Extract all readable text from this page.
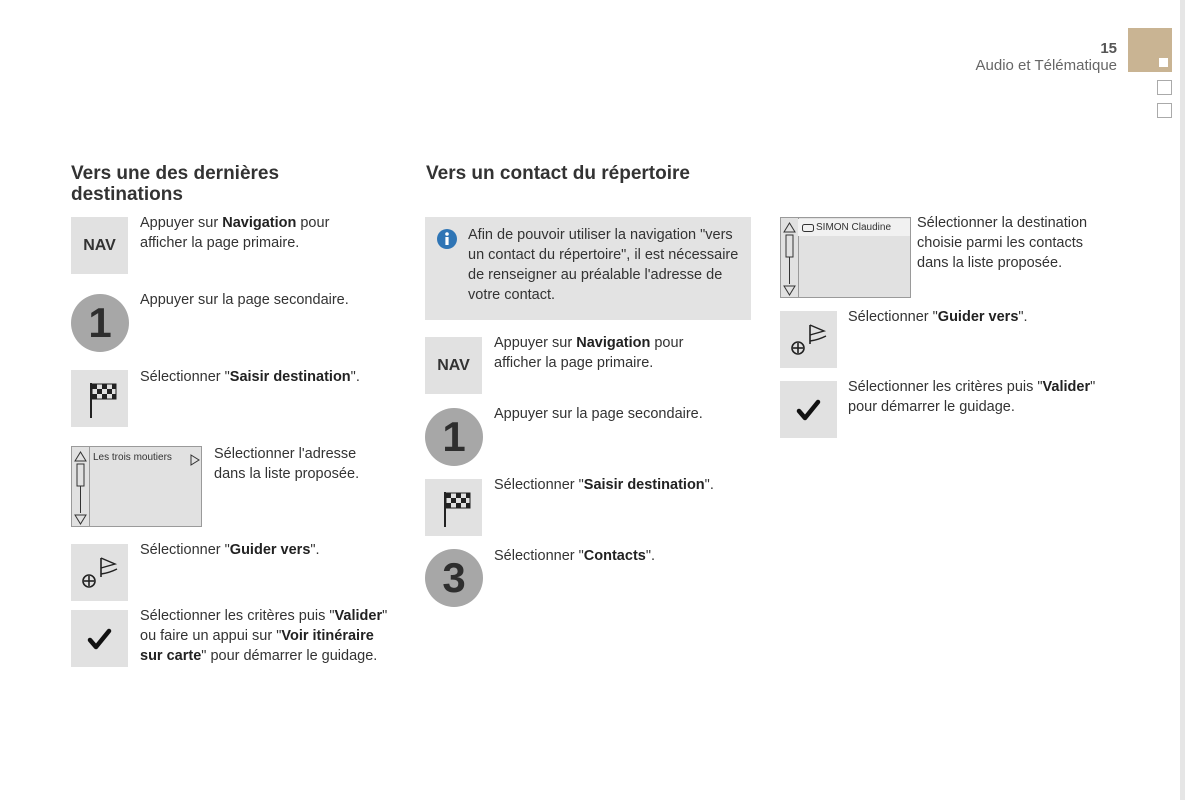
15
Audio et Télématique
Vers une des dernières destinations
NAV
Appuyer sur Navigation pour afficher la page primaire.
1	Appuyer sur la page secondaire.
Sélectionner "Saisir destination".
Les trois moutiers	Sélectionner l'adresse dans la liste proposée.
Sélectionner "Guider vers".
Sélectionner les critères puis "Valider" ou faire un appui sur "Voir itinéraire sur carte" pour démarrer le guidage.
Vers un contact du répertoire
Afin de pouvoir utiliser la navigation "vers un contact du répertoire", il est nécessaire de renseigner au préalable l'adresse de votre contact.
NAV
Appuyer sur Navigation pour afficher la page primaire.
1	Appuyer sur la page secondaire.
Sélectionner "Saisir destination".
3	Sélectionner "Contacts".
SIMON Claudine Sélectionner la destination choisie parmi les contacts dans la liste proposée.
Sélectionner "Guider vers".
Sélectionner les critères puis "Valider" pour démarrer le guidage.
